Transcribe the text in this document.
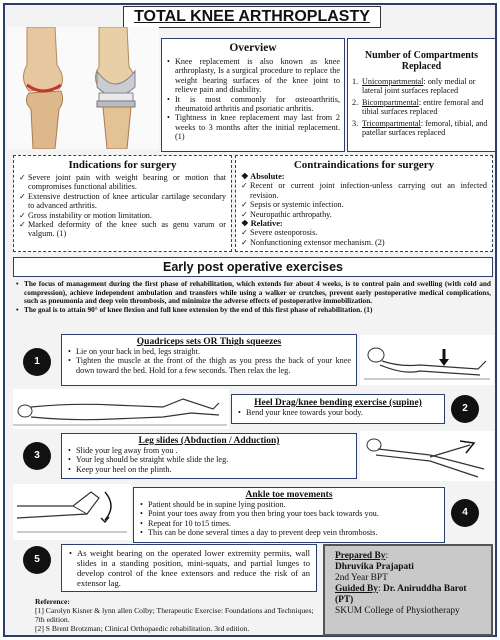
TOTAL KNEE ARTHROPLASTY
Overview
• Knee replacement is also known as knee arthroplasty, Is a surgical procedure to replace the weight bearing surfaces of the knee joint to relieve pain and disability.
• It is most commonly for osteoarthritis, rheumatoid arthritis and psoriatic arthritis.
• Tightness in knee replacement may last from 2 weeks to 3 months after the initial replacement. (1)
Number of Compartments Replaced
1. Unicompartmental: only medial or lateral joint surfaces replaced
2. Bicompartmental: entire femoral and tibial surfaces replaced
3. Tricompartmental: femoral, tibial, and patellar surfaces replaced
Indications for surgery
✓ Severe joint pain with weight bearing or motion that compromises functional abilities.
✓ Extensive destruction of knee articular cartilage secondary to advanced arthritis.
✓ Gross instability or motion limitation.
✓ Marked deformity of the knee such as genu varum or valgum. (1)
Contraindications for surgery
❖ Absolute:
✓ Recent or current joint infection-unless carrying out an infected revision.
✓ Sepsis or systemic infection.
✓ Neuropathic arthropathy.
❖ Relative:
✓ Severe osteoporosis.
✓ Nonfunctioning extensor mechanism. (2)
Early post operative exercises
• The focus of management during the first phase of rehabilitation, which extends for about 4 weeks, is to control pain and swelling (with cold and compression), achieve independent ambulation and transfers while using a walker or crutches, prevent early postoperative medical complications, such as pneumonia and deep vein thrombosis, and minimize the adverse effects of postoperative immobilization.
• The goal is to attain 90° of knee flexion and full knee extension by the end of this first phase of rehabilitation. (1)
1
Quadriceps sets OR Thigh squeezes
• Lie on your back in bed, legs straight.
• Tighten the muscle at the front of the thigh as you press the back of your knee down toward the bed. Hold for a few seconds. Then relax the leg.
Heel Drag/knee bending exercise (supine)
• Bend your knee towards your body.	2
3
Leg slides (Abduction / Adduction)
• Slide your leg away from you .
• Your leg should be straight while slide the leg.
• Keep your heel on the plinth.
Ankle toe movements
• Patient should be in supine lying position.
• Point your toes away from you then bring your toes back towards you.
• Repeat for 10 to15 times.
• This can be done several times a day to prevent deep vein thrombosis.
4
5
• As weight bearing on the operated lower extremity permits, wall slides in a standing position, mini-squats, and partial lunges to develop control of the knee extensors and reduce the risk of an extensor lag.
Reference:
[1] Carolyn Kisner & lynn allen Colby; Therapeutic Exercise: Foundations and Techniques; 7th edition.
[2] S Brent Brotzman; Clinical Orthopaedic rehabilitation. 3rd edition.
Prepared By:
Dhruvika Prajapati
2nd Year BPT
Guided By: Dr. Aniruddha Barot (PT)
SKUM College of Physiotherapy
